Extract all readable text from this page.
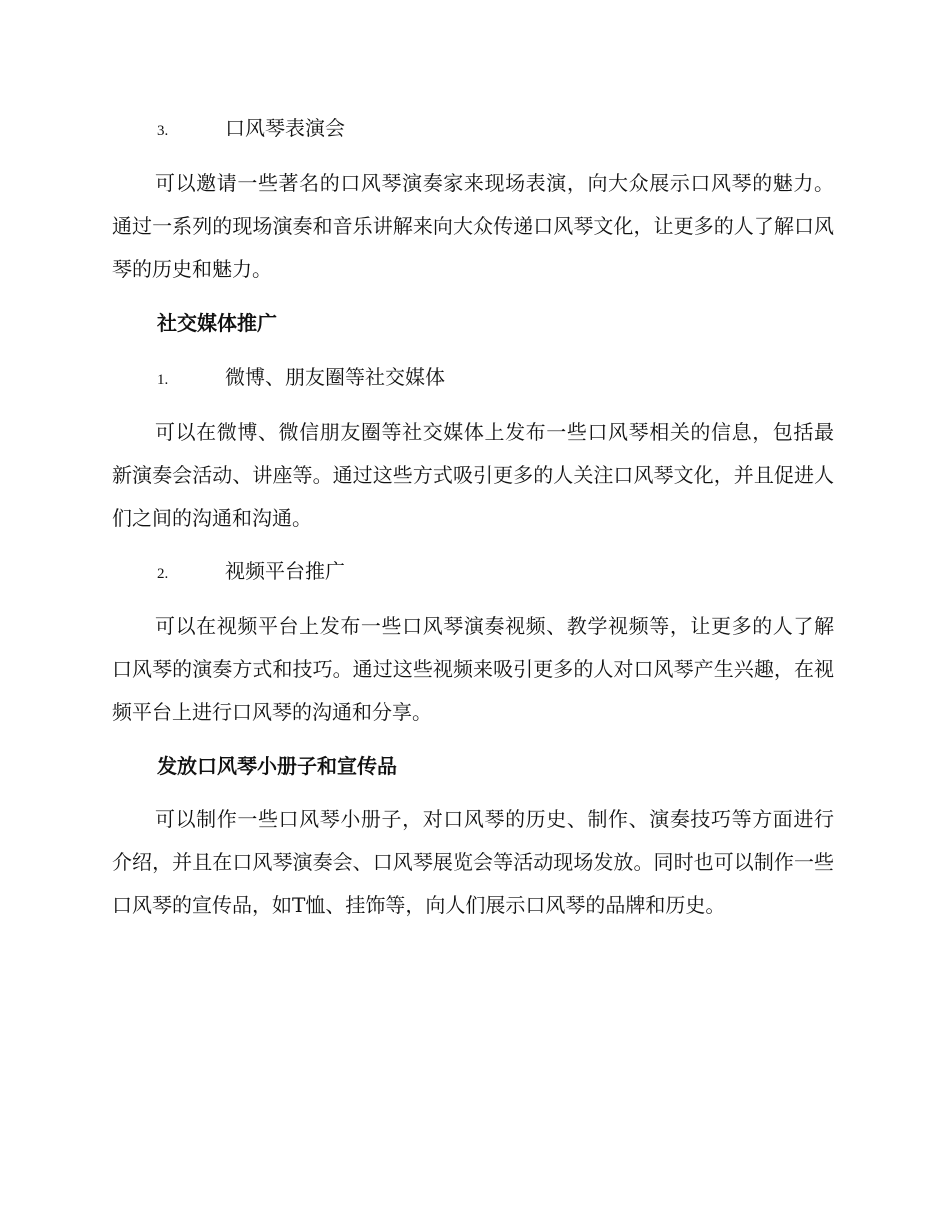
3.	口风琴表演会

可以邀请一些著名的口风琴演奏家来现场表演，向大众展示口风琴的魅力。通过一系列的现场演奏和音乐讲解来向大众传递口风琴文化，让更多的人了解口风琴的历史和魅力。

社交媒体推广
1.	微博、朋友圈等社交媒体

可以在微博、微信朋友圈等社交媒体上发布一些口风琴相关的信息，包括最新演奏会活动、讲座等。通过这些方式吸引更多的人关注口风琴文化，并且促进人们之间的沟通和沟通。

2.	视频平台推广

可以在视频平台上发布一些口风琴演奏视频、教学视频等，让更多的人了解口风琴的演奏方式和技巧。通过这些视频来吸引更多的人对口风琴产生兴趣，在视频平台上进行口风琴的沟通和分享。

发放口风琴小册子和宣传品

可以制作一些口风琴小册子，对口风琴的历史、制作、演奏技巧等方面进行介绍，并且在口风琴演奏会、口风琴展览会等活动现场发放。同时也可以制作一些口风琴的宣传品，如T恤、挂饰等，向人们展示口风琴的品牌和历史。
